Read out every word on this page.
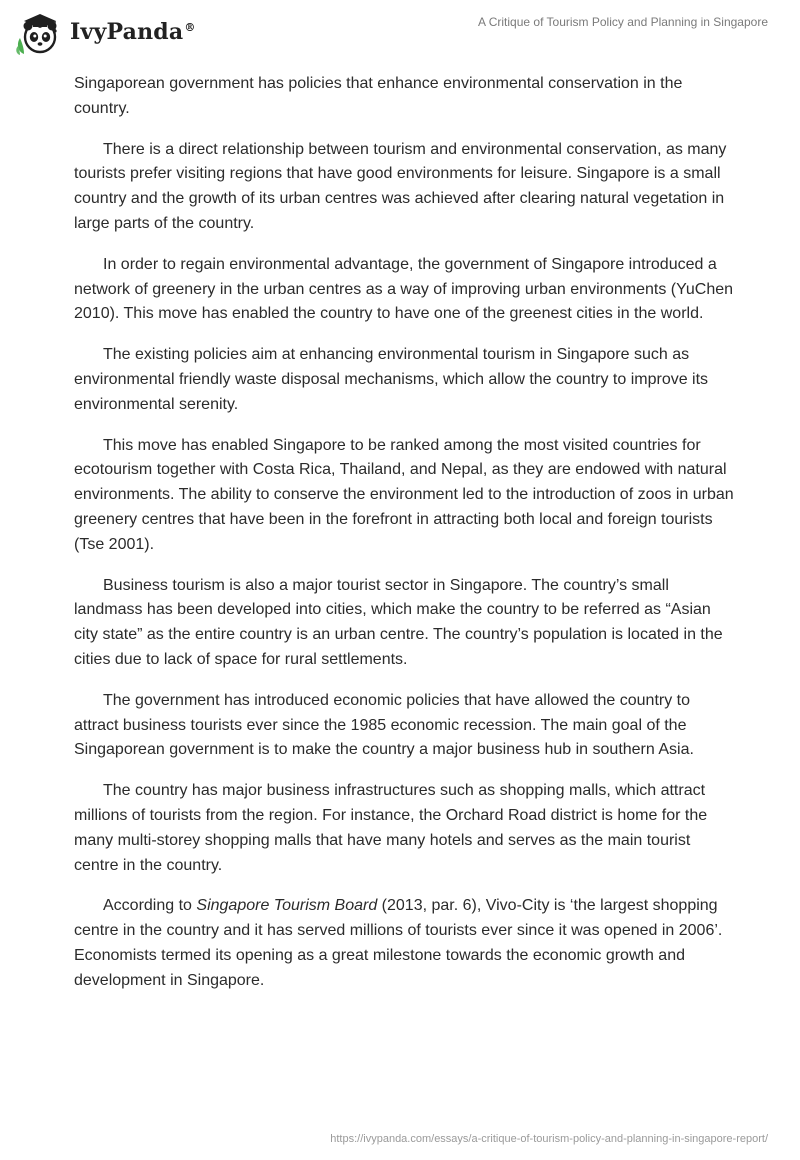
IvyPanda®	A Critique of Tourism Policy and Planning in Singapore

Singaporean government has policies that enhance environmental conservation in the country.

There is a direct relationship between tourism and environmental conservation, as many tourists prefer visiting regions that have good environments for leisure. Singapore is a small country and the growth of its urban centres was achieved after clearing natural vegetation in large parts of the country.

In order to regain environmental advantage, the government of Singapore introduced a network of greenery in the urban centres as a way of improving urban environments (YuChen 2010). This move has enabled the country to have one of the greenest cities in the world.

The existing policies aim at enhancing environmental tourism in Singapore such as environmental friendly waste disposal mechanisms, which allow the country to improve its environmental serenity.

This move has enabled Singapore to be ranked among the most visited countries for ecotourism together with Costa Rica, Thailand, and Nepal, as they are endowed with natural environments. The ability to conserve the environment led to the introduction of zoos in urban greenery centres that have been in the forefront in attracting both local and foreign tourists (Tse 2001).

Business tourism is also a major tourist sector in Singapore. The country’s small landmass has been developed into cities, which make the country to be referred as “Asian city state” as the entire country is an urban centre. The country’s population is located in the cities due to lack of space for rural settlements.

The government has introduced economic policies that have allowed the country to attract business tourists ever since the 1985 economic recession. The main goal of the Singaporean government is to make the country a major business hub in southern Asia.

The country has major business infrastructures such as shopping malls, which attract millions of tourists from the region. For instance, the Orchard Road district is home for the many multi-storey shopping malls that have many hotels and serves as the main tourist centre in the country.

According to Singapore Tourism Board (2013, par. 6), Vivo-City is ‘the largest shopping centre in the country and it has served millions of tourists ever since it was opened in 2006’. Economists termed its opening as a great milestone towards the economic growth and development in Singapore.

https://ivypanda.com/essays/a-critique-of-tourism-policy-and-planning-in-singapore-report/
